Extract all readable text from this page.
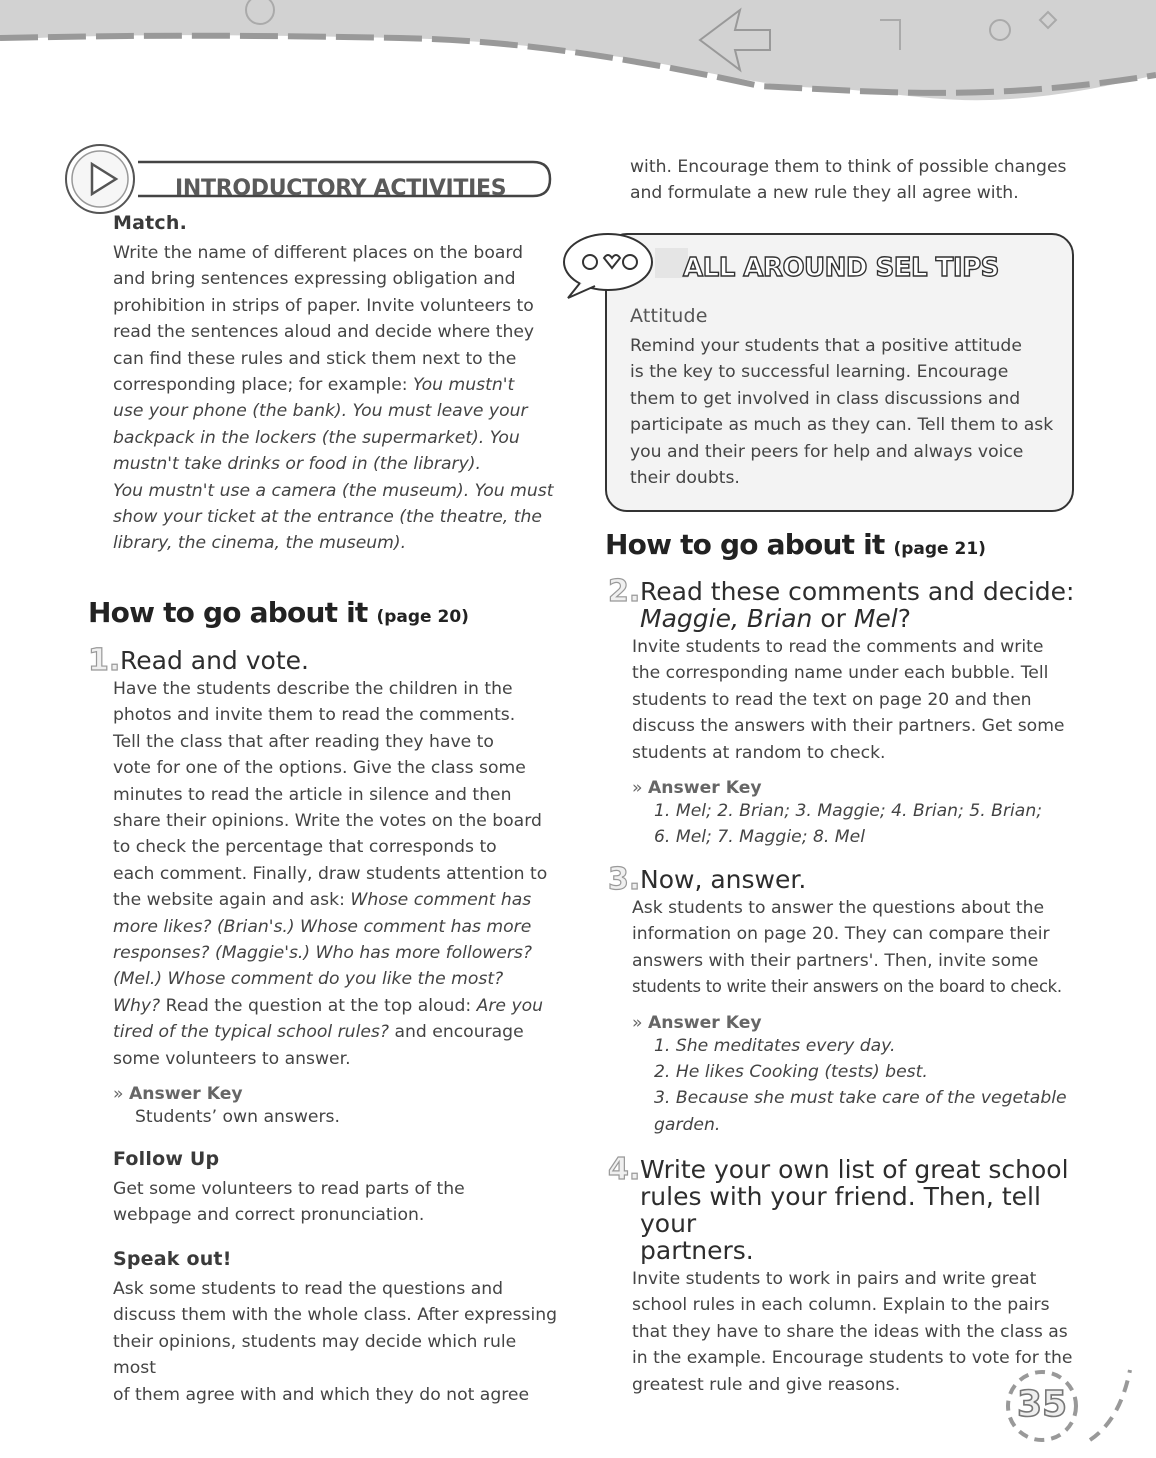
INTRODUCTORY ACTIVITIES

Match.

Write the name of different places on the board
and bring sentences expressing obligation and
prohibition in strips of paper. Invite volunteers to
read the sentences aloud and decide where they
can find these rules and stick them next to the
corresponding place; for example: You mustn't
use your phone (the bank). You must leave your
backpack in the lockers (the supermarket). You
mustn't take drinks or food in (the library).
You mustn't use a camera (the museum). You must
show your ticket at the entrance (the theatre, the
library, the cinema, the museum).

How to go about it (page 20)

1. Read and vote.
Have the students describe the children in the
photos and invite them to read the comments.
Tell the class that after reading they have to
vote for one of the options. Give the class some
minutes to read the article in silence and then
share their opinions. Write the votes on the board
to check the percentage that corresponds to
each comment. Finally, draw students attention to
the website again and ask: Whose comment has
more likes? (Brian's.) Whose comment has more
responses? (Maggie's.) Who has more followers?
(Mel.) Whose comment do you like the most?
Why? Read the question at the top aloud: Are you
tired of the typical school rules? and encourage
some volunteers to answer.
» Answer Key
Students’ own answers.

Follow Up

Get some volunteers to read parts of the
webpage and correct pronunciation.

Speak out!

Ask some students to read the questions and
discuss them with the whole class. After expressing
their opinions, students may decide which rule most
of them agree with and which they do not agree
with. Encourage them to think of possible changes
and formulate a new rule they all agree with.
ALL AROUND SEL TIPS

Attitude

Remind your students that a positive attitude
is the key to successful learning. Encourage
them to get involved in class discussions and
participate as much as they can. Tell them to ask
you and their peers for help and always voice
their doubts.

How to go about it (page 21)

2. Read these comments and decide:
Maggie, Brian or Mel?
Invite students to read the comments and write
the corresponding name under each bubble. Tell
students to read the text on page 20 and then
discuss the answers with their partners. Get some
students at random to check.
» Answer Key
1. Mel; 2. Brian; 3. Maggie; 4. Brian; 5. Brian;
6. Mel; 7. Maggie; 8. Mel
3. Now, answer.
Ask students to answer the questions about the
information on page 20. They can compare their
answers with their partners'. Then, invite some
students to write their answers on the board to check.
» Answer Key
1. She meditates every day.
2. He likes Cooking (tests) best.
3. Because she must take care of the vegetable
garden.
4. Write your own list of great school
rules with your friend. Then, tell your
partners.
Invite students to work in pairs and write great
school rules in each column. Explain to the pairs
that they have to share the ideas with the class as
in the example. Encourage students to vote for the
greatest rule and give reasons.	35
